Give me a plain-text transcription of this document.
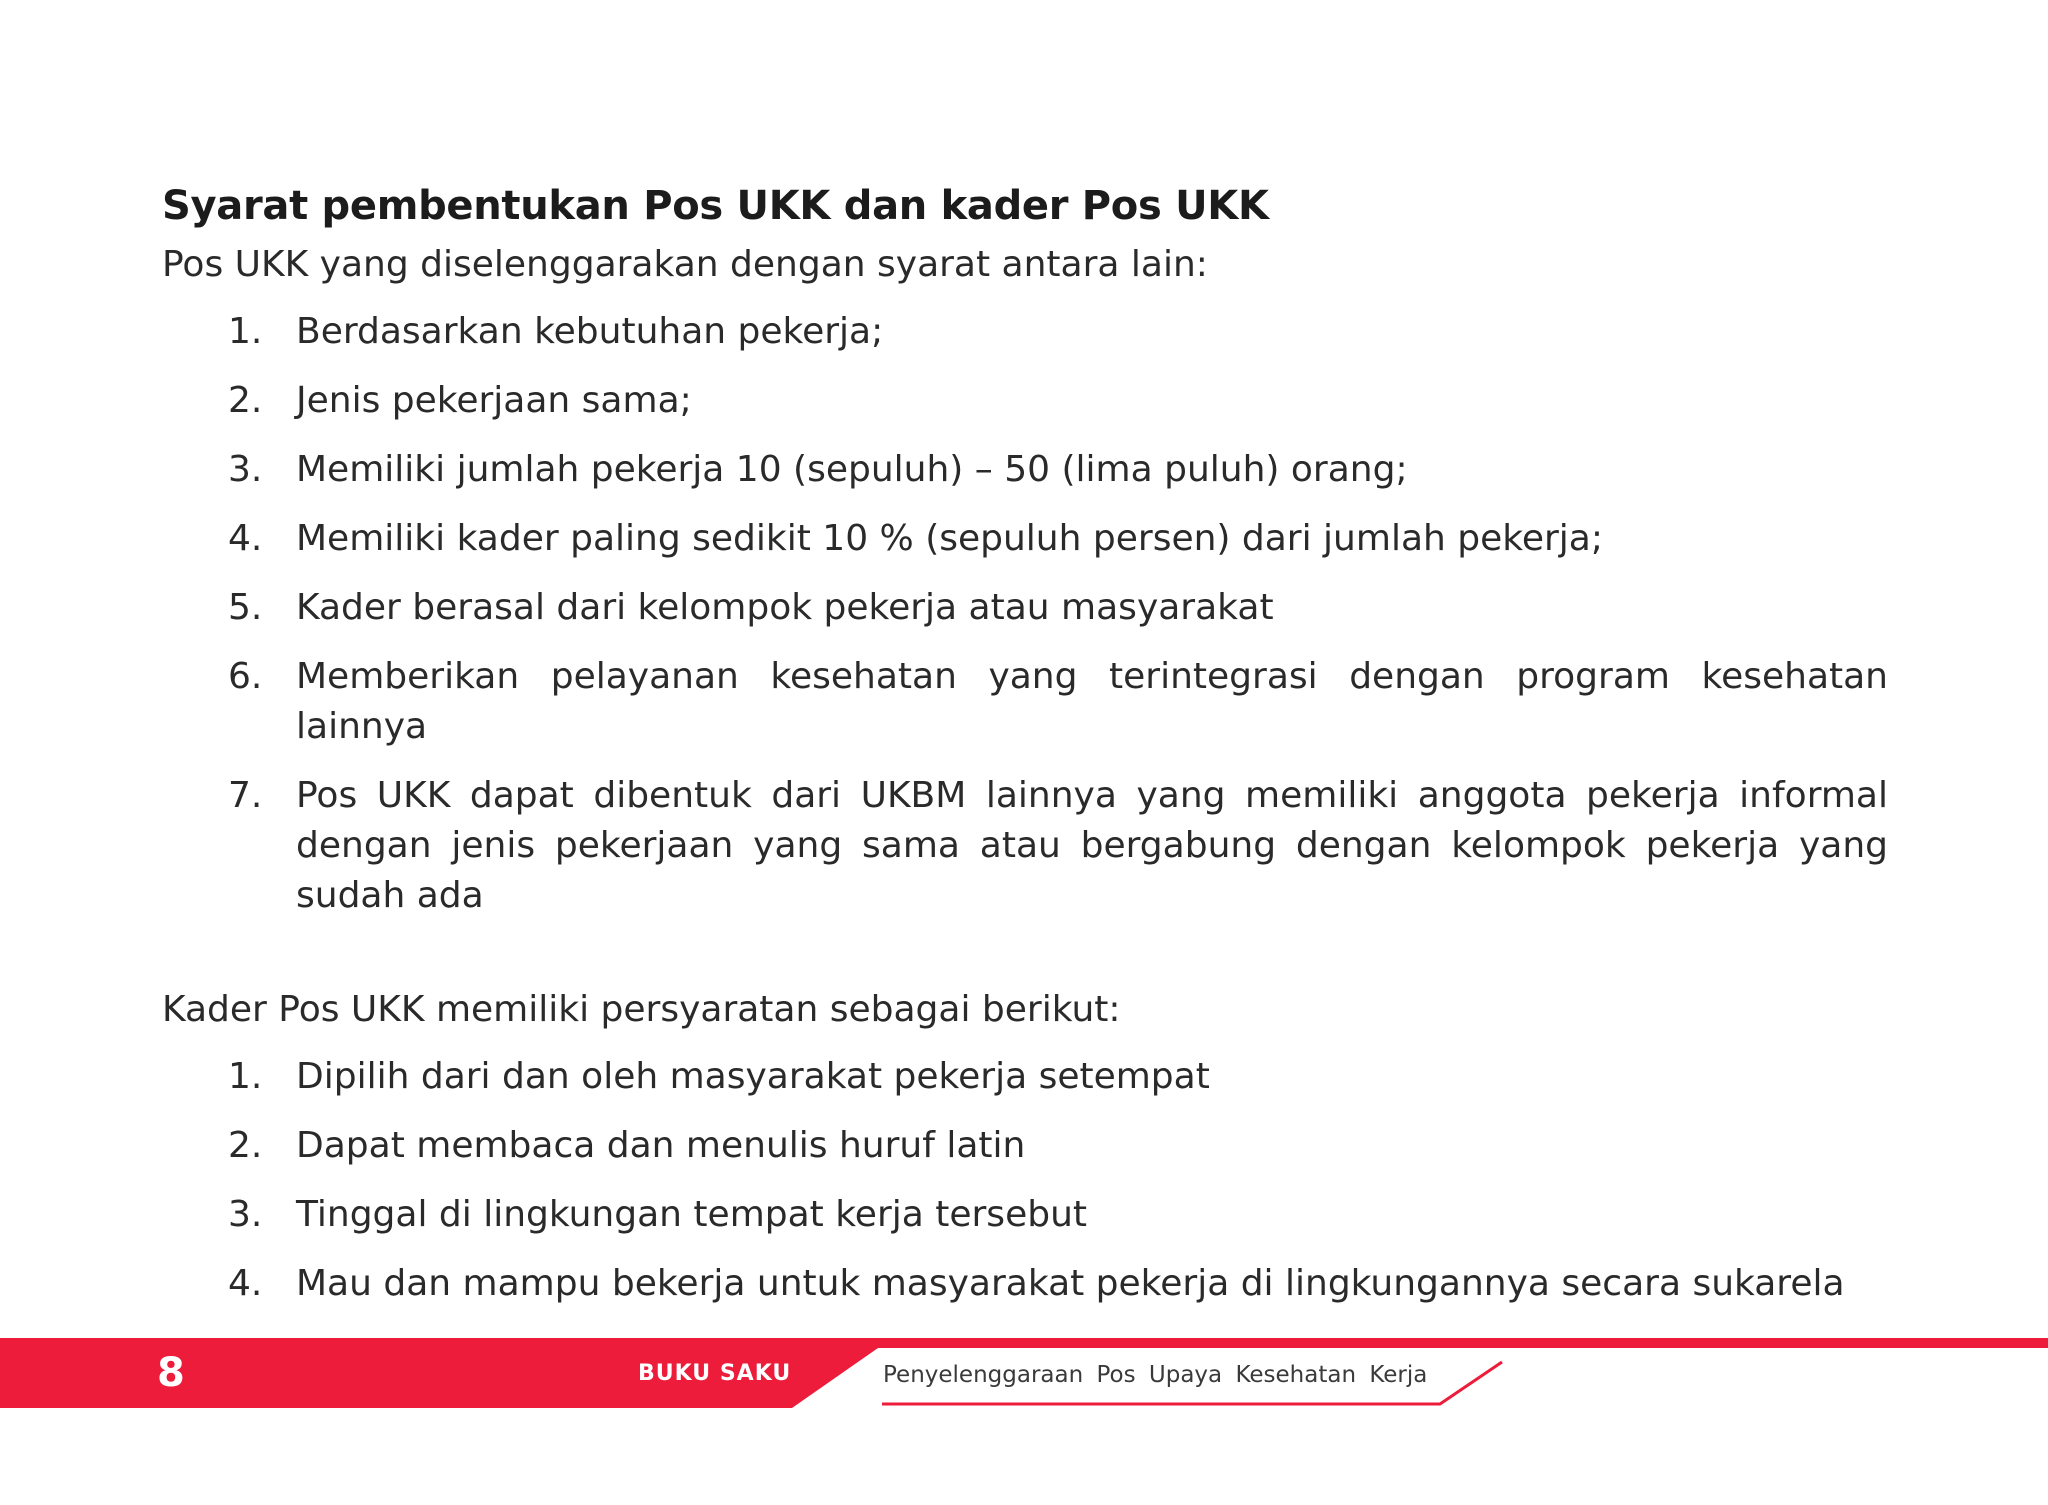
Syarat pembentukan Pos UKK dan kader Pos UKK

Pos UKK yang diselenggarakan dengan syarat antara lain:

1. Berdasarkan kebutuhan pekerja;
2. Jenis pekerjaan sama;
3. Memiliki jumlah pekerja 10 (sepuluh) – 50 (lima puluh) orang;
4. Memiliki kader paling sedikit 10 % (sepuluh persen) dari jumlah pekerja;
5. Kader berasal dari kelompok pekerja atau masyarakat
6. Memberikan pelayanan kesehatan yang terintegrasi dengan program kesehatan lainnya
7. Pos UKK dapat dibentuk dari UKBM lainnya yang memiliki anggota pekerja informal dengan jenis pekerjaan yang sama atau bergabung dengan kelompok pekerja yang sudah ada

Kader Pos UKK memiliki persyaratan sebagai berikut:

1. Dipilih dari dan oleh masyarakat pekerja setempat
2. Dapat membaca dan menulis huruf latin
3. Tinggal di lingkungan tempat kerja tersebut
4. Mau dan mampu bekerja untuk masyarakat pekerja di lingkungannya secara sukarela
8	BUKU SAKU	Penyelenggaraan Pos Upaya Kesehatan Kerja
